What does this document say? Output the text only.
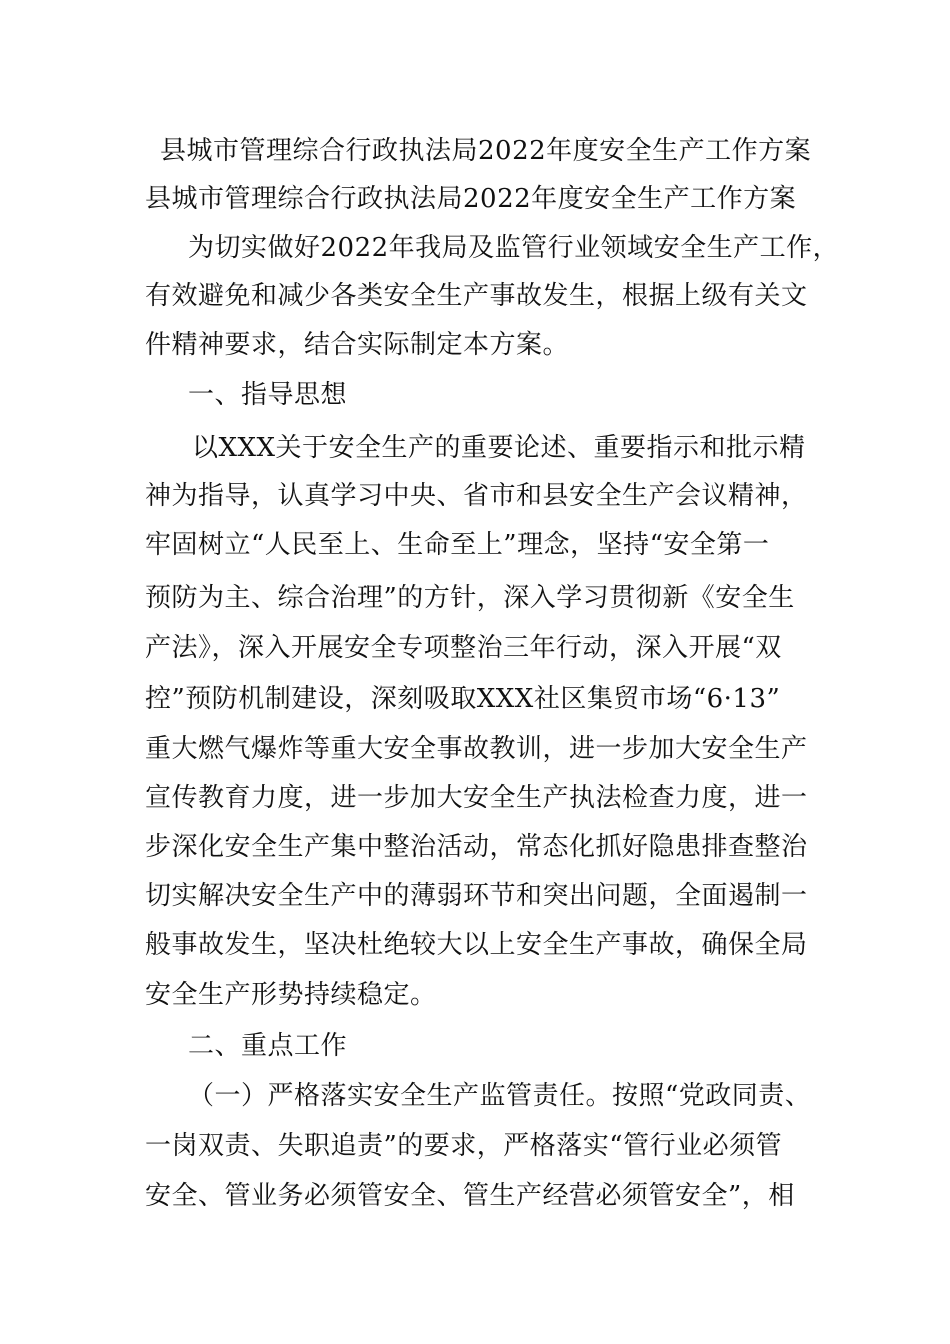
县城市管理综合行政执法局2022年度安全生产工作方案
县城市管理综合行政执法局2022年度安全生产工作方案
为切实做好2022年我局及监管行业领域安全生产工作，
有效避免和减少各类安全生产事故发生，根据上级有关文
件精神要求，结合实际制定本方案。
一、指导思想
以XXX关于安全生产的重要论述、重要指示和批示精
神为指导，认真学习中央、省市和县安全生产会议精神，
牢固树立“人民至上、生命至上”理念，坚持“安全第一
预防为主、综合治理”的方针，深入学习贯彻新《安全生
产法》，深入开展安全专项整治三年行动，深入开展“双
控”预防机制建设，深刻吸取XXX社区集贸市场“6·13”
重大燃气爆炸等重大安全事故教训，进一步加大安全生产
宣传教育力度，进一步加大安全生产执法检查力度，进一
步深化安全生产集中整治活动，常态化抓好隐患排查整治
切实解决安全生产中的薄弱环节和突出问题，全面遏制一
般事故发生，坚决杜绝较大以上安全生产事故，确保全局
安全生产形势持续稳定。
二、重点工作
（一）严格落实安全生产监管责任。按照“党政同责、
一岗双责、失职追责”的要求，严格落实“管行业必须管
安全、管业务必须管安全、管生产经营必须管安全”，相
